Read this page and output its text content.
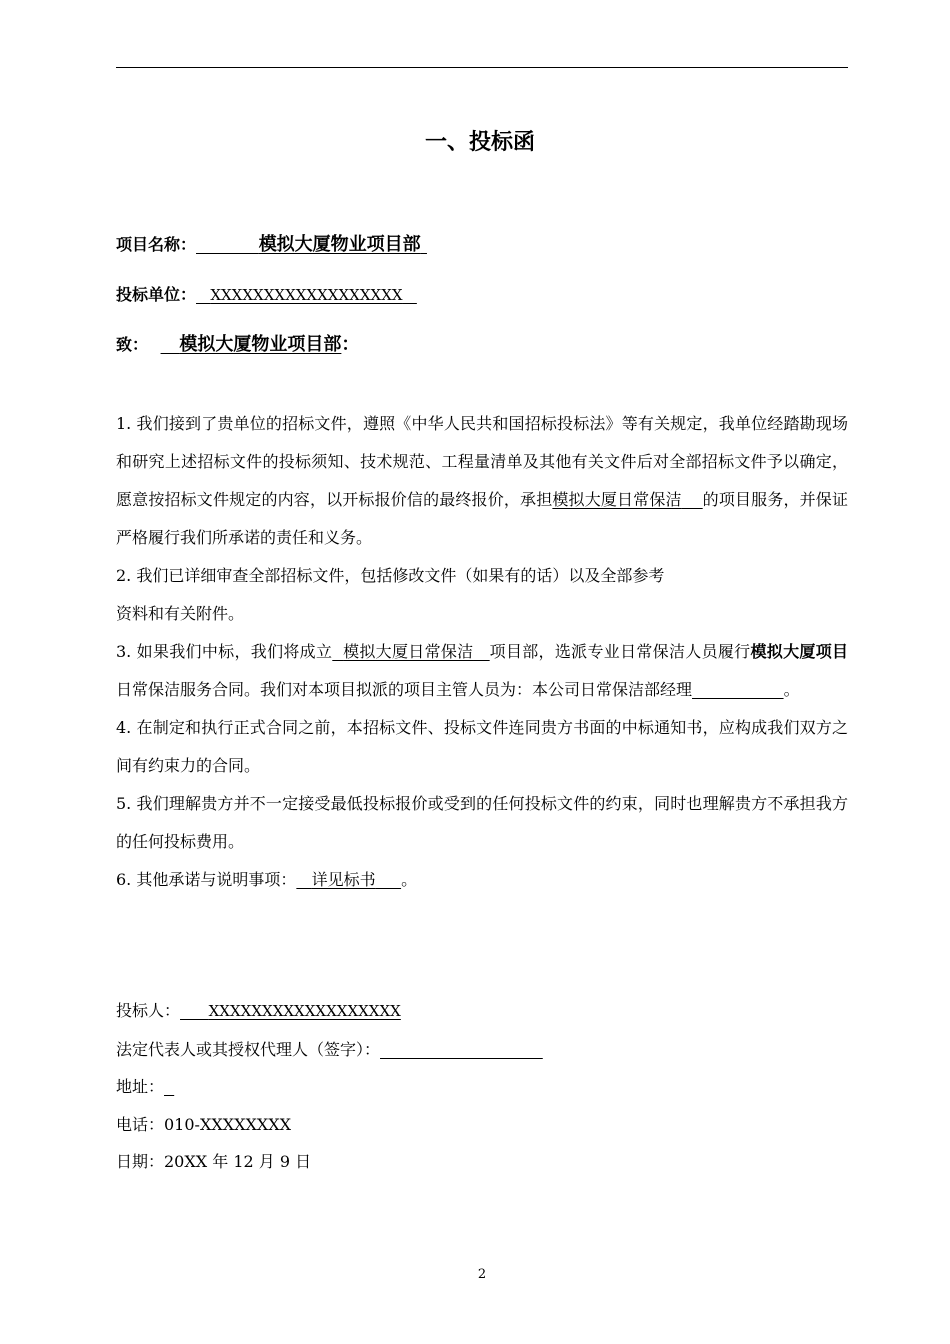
一、投标函
项目名称：	模拟大厦物业项目部
投标单位： XXXXXXXXXXXXXXXXXX
致： 模拟大厦物业项目部：

1. 我们接到了贵单位的招标文件，遵照《中华人民共和国招标投标法》等有关规定，我单位经踏勘现场和研究上述招标文件的投标须知、技术规范、工程量清单及其他有关文件后对全部招标文件予以确定，愿意按招标文件规定的内容，以开标报价信的最终报价，承担模拟大厦日常保洁 的项目服务，并保证严格履行我们所承诺的责任和义务。

2. 我们已详细审查全部招标文件，包括修改文件（如果有的话）以及全部参考
资料和有关附件。

3. 如果我们中标，我们将成立 模拟大厦日常保洁 项目部，选派专业日常保洁人员履行模拟大厦项目日常保洁服务合同。我们对本项目拟派的项目主管人员为：本公司日常保洁部经理	。

4. 在制定和执行正式合同之前，本招标文件、投标文件连同贵方书面的中标通知书，应构成我们双方之间有约束力的合同。

5. 我们理解贵方并不一定接受最低投标报价或受到的任何投标文件的约束，同时也理解贵方不承担我方的任何投标费用。

6. 其他承诺与说明事项： 详见标书 。

投标人： XXXXXXXXXXXXXXXXXX

法定代表人或其授权代理人（签字）：

地址：

电话：010-XXXXXXXX

日期：20XX 年 12 月 9 日

2
